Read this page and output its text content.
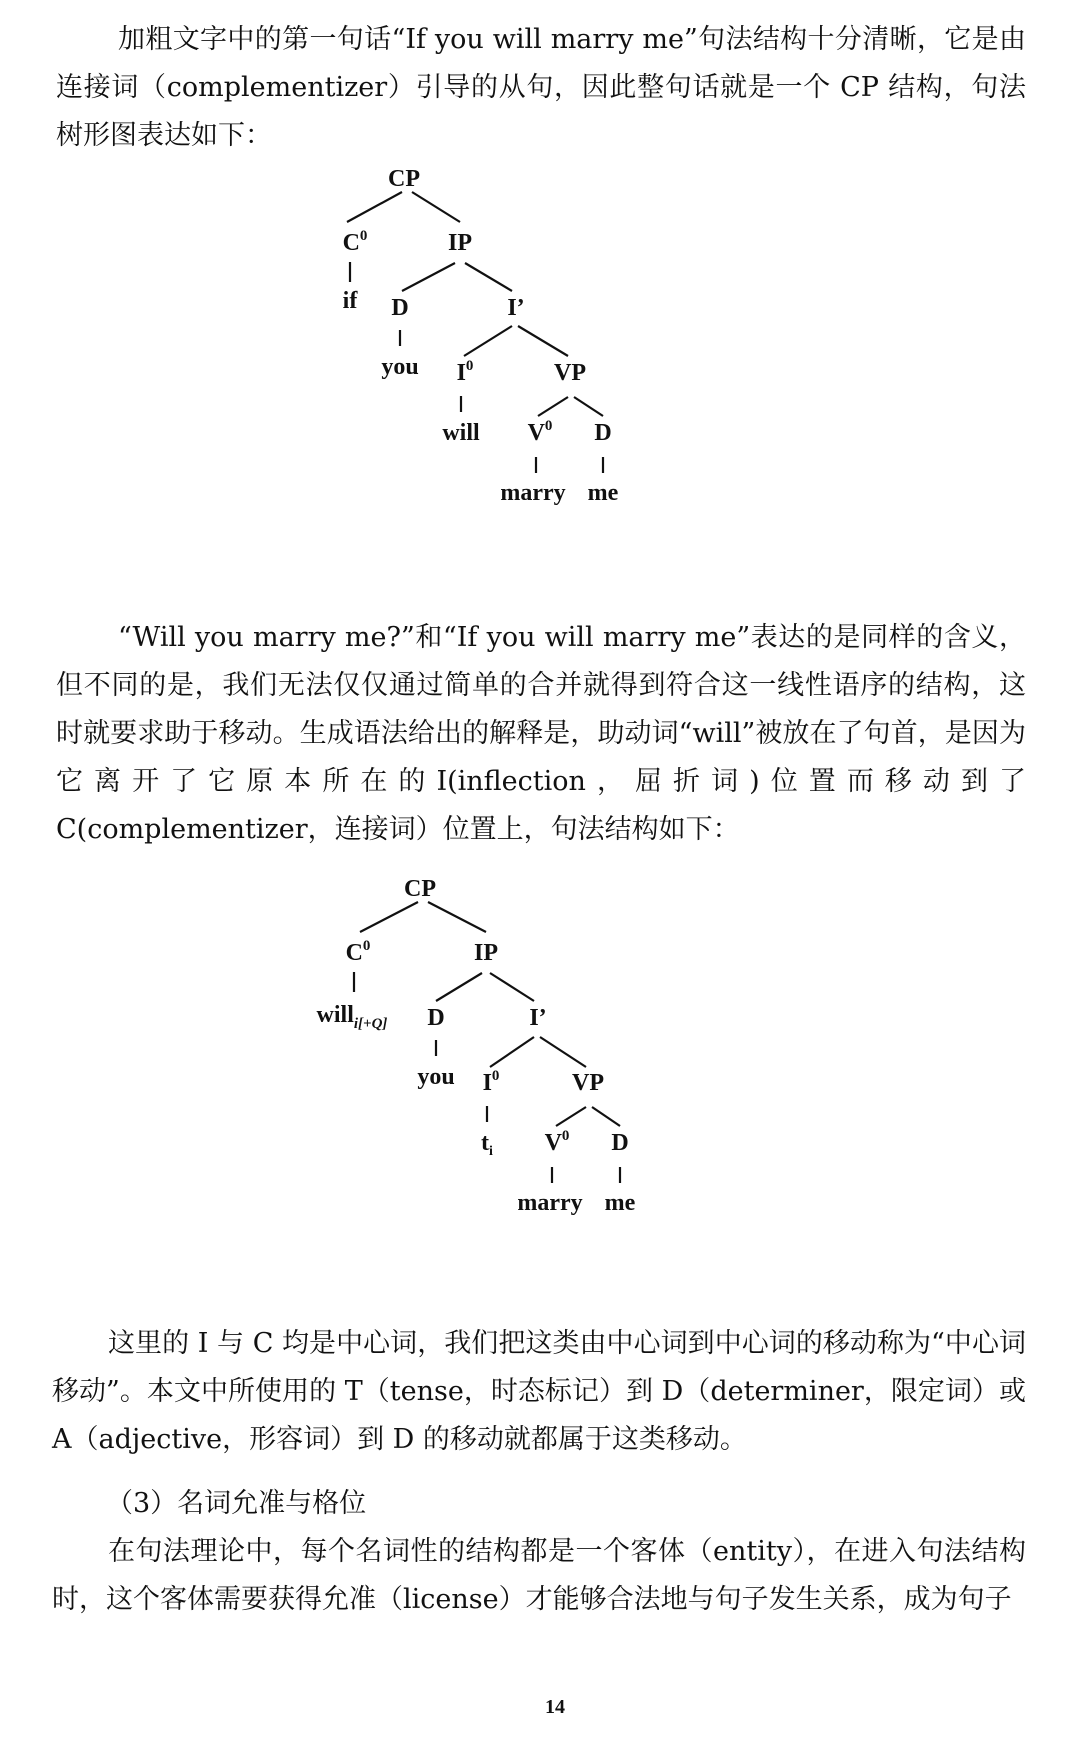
加粗文字中的第一句话“If you will marry me”句法结构十分清晰，它是由连接词（complementizer）引导的从句，因此整句话就是一个 CP 结构，句法树形图表达如下：

CP
$C^0$	IP
if D	I’
you $I^0$	VP
will $V^0$ D
marry me

“Will you marry me?”和“If you will marry me”表达的是同样的含义，但不同的是，我们无法仅仅通过简单的合并就得到符合这一线性语序的结构，这时就要求助于移动。生成语法给出的解释是，助动词“will”被放在了句首，是因为它离开了它原本所在的I(inflection，屈折词)位置而移动到了C(complementizer，连接词）位置上，句法结构如下：

CP
$C^0$	IP
will$_{i[+Q]}$ D	I’
you $I^0$	VP
$t_i$ $V^0$ D
marry me

这里的 I 与 C 均是中心词，我们把这类由中心词到中心词的移动称为“中心词移动”。本文中所使用的 T（tense，时态标记）到 D（determiner，限定词）或 A（adjective，形容词）到 D 的移动就都属于这类移动。

（3）名词允准与格位

在句法理论中，每个名词性的结构都是一个客体（entity），在进入句法结构时，这个客体需要获得允准（license）才能够合法地与句子发生关系，成为句子

14
